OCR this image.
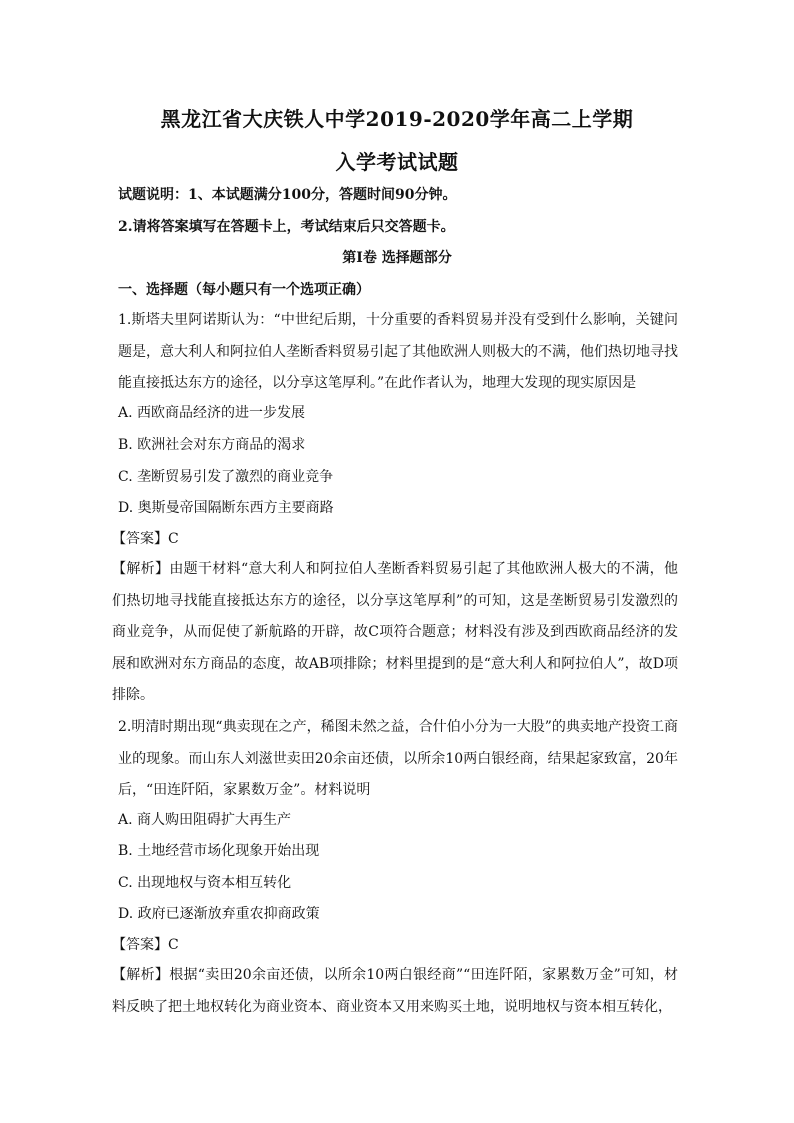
黑龙江省大庆铁人中学2019-2020学年高二上学期
入学考试试题
试题说明：1、本试题满分100分，答题时间90分钟。
2.请将答案填写在答题卡上，考试结束后只交答题卡。
第Ⅰ卷 选择题部分
一、选择题（每小题只有一个选项正确）
1.斯塔夫里阿诺斯认为：“中世纪后期，十分重要的香料贸易并没有受到什么影响，关键问题是，意大利人和阿拉伯人垄断香料贸易引起了其他欧洲人则极大的不满，他们热切地寻找能直接抵达东方的途径，以分享这笔厚利。”在此作者认为，地理大发现的现实原因是
A. 西欧商品经济的进一步发展
B. 欧洲社会对东方商品的渴求
C. 垄断贸易引发了激烈的商业竞争
D. 奥斯曼帝国隔断东西方主要商路
【答案】C
【解析】由题干材料“意大利人和阿拉伯人垄断香料贸易引起了其他欧洲人极大的不满，他们热切地寻找能直接抵达东方的途径，以分享这笔厚利”的可知，这是垄断贸易引发激烈的商业竞争，从而促使了新航路的开辟，故C项符合题意；材料没有涉及到西欧商品经济的发展和欧洲对东方商品的态度，故AB项排除；材料里提到的是“意大利人和阿拉伯人”，故D项排除。
2.明清时期出现“典卖现在之产，稀图未然之益，合什伯小分为一大股”的典卖地产投资工商业的现象。而山东人刘滋世卖田20余亩还债，以所余10两白银经商，结果起家致富，20年后，“田连阡陌，家累数万金”。材料说明
A. 商人购田阻碍扩大再生产
B. 土地经营市场化现象开始出现
C. 出现地权与资本相互转化
D. 政府已逐渐放弃重农抑商政策
【答案】C
【解析】根据“卖田20余亩还债，以所余10两白银经商”“田连阡陌，家累数万金”可知，材料反映了把土地权转化为商业资本、商业资本又用来购买土地，说明地权与资本相互转化，
